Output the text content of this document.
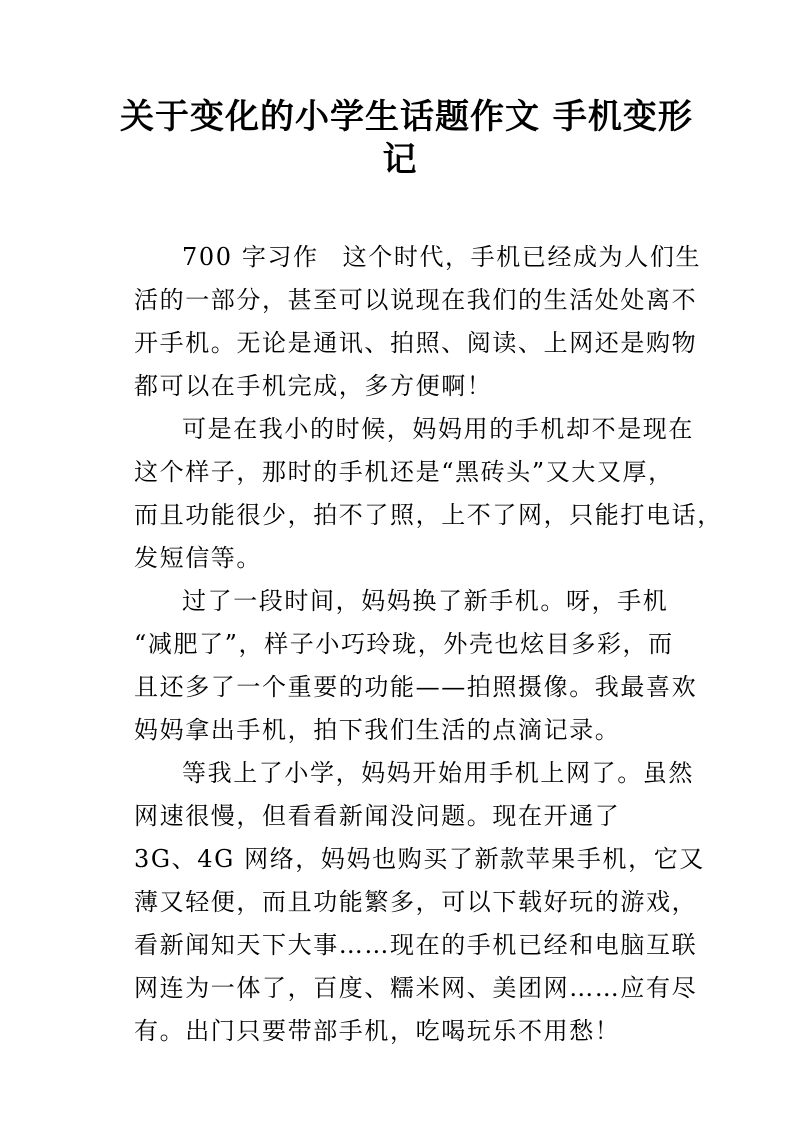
关于变化的小学生话题作文 手机变形
记
700 字习作 这个时代，手机已经成为人们生
活的一部分，甚至可以说现在我们的生活处处离不
开手机。无论是通讯、拍照、阅读、上网还是购物
都可以在手机完成，多方便啊！
可是在我小的时候，妈妈用的手机却不是现在
这个样子，那时的手机还是“黑砖头”又大又厚，
而且功能很少，拍不了照，上不了网，只能打电话，
发短信等。
过了一段时间，妈妈换了新手机。呀，手机
“减肥了”，样子小巧玲珑，外壳也炫目多彩，而
且还多了一个重要的功能——拍照摄像。我最喜欢
妈妈拿出手机，拍下我们生活的点滴记录。
等我上了小学，妈妈开始用手机上网了。虽然
网速很慢，但看看新闻没问题。现在开通了
3G、4G 网络，妈妈也购买了新款苹果手机，它又
薄又轻便，而且功能繁多，可以下载好玩的游戏，
看新闻知天下大事……现在的手机已经和电脑互联
网连为一体了，百度、糯米网、美团网……应有尽
有。出门只要带部手机，吃喝玩乐不用愁！
